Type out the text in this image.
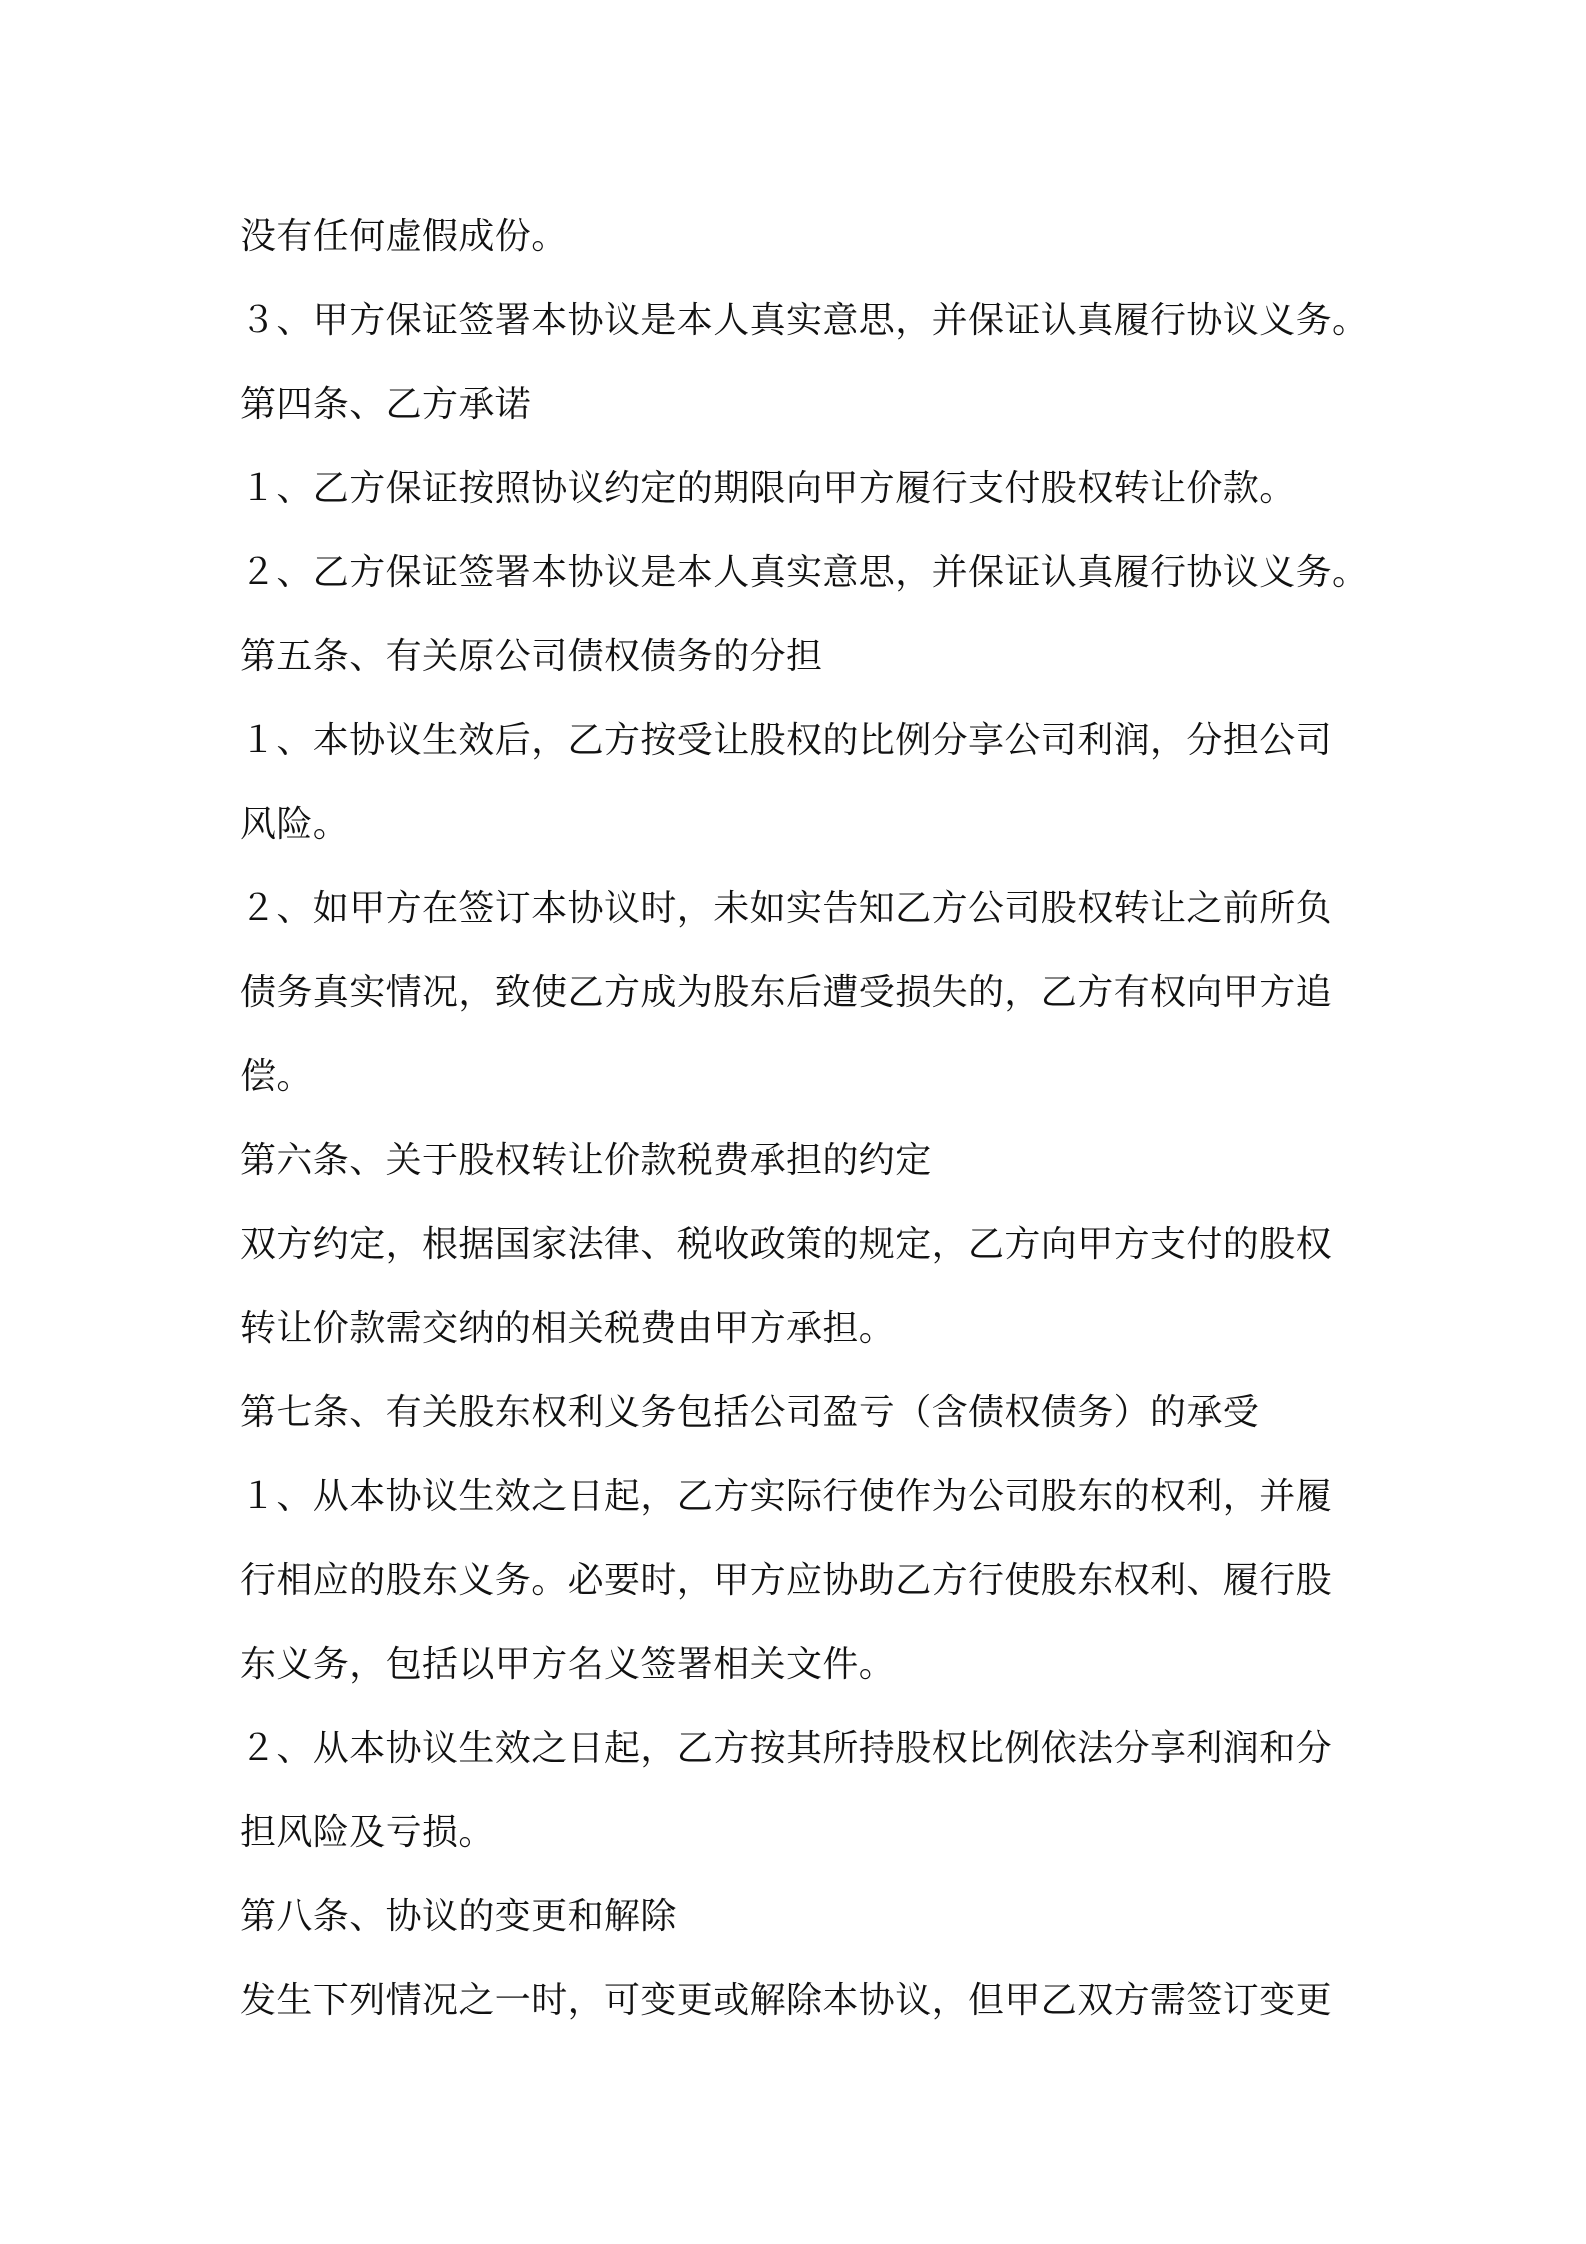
没有任何虚假成份。
３、甲方保证签署本协议是本人真实意思，并保证认真履行协议义务。
第四条、乙方承诺
１、乙方保证按照协议约定的期限向甲方履行支付股权转让价款。
２、乙方保证签署本协议是本人真实意思，并保证认真履行协议义务。
第五条、有关原公司债权债务的分担
１、本协议生效后，乙方按受让股权的比例分享公司利润，分担公司
风险。
２、如甲方在签订本协议时，未如实告知乙方公司股权转让之前所负
债务真实情况，致使乙方成为股东后遭受损失的，乙方有权向甲方追
偿。
第六条、关于股权转让价款税费承担的约定
双方约定，根据国家法律、税收政策的规定，乙方向甲方支付的股权
转让价款需交纳的相关税费由甲方承担。
第七条、有关股东权利义务包括公司盈亏（含债权债务）的承受
１、从本协议生效之日起，乙方实际行使作为公司股东的权利，并履
行相应的股东义务。必要时，甲方应协助乙方行使股东权利、履行股
东义务，包括以甲方名义签署相关文件。
２、从本协议生效之日起，乙方按其所持股权比例依法分享利润和分
担风险及亏损。
第八条、协议的变更和解除
发生下列情况之一时，可变更或解除本协议，但甲乙双方需签订变更
